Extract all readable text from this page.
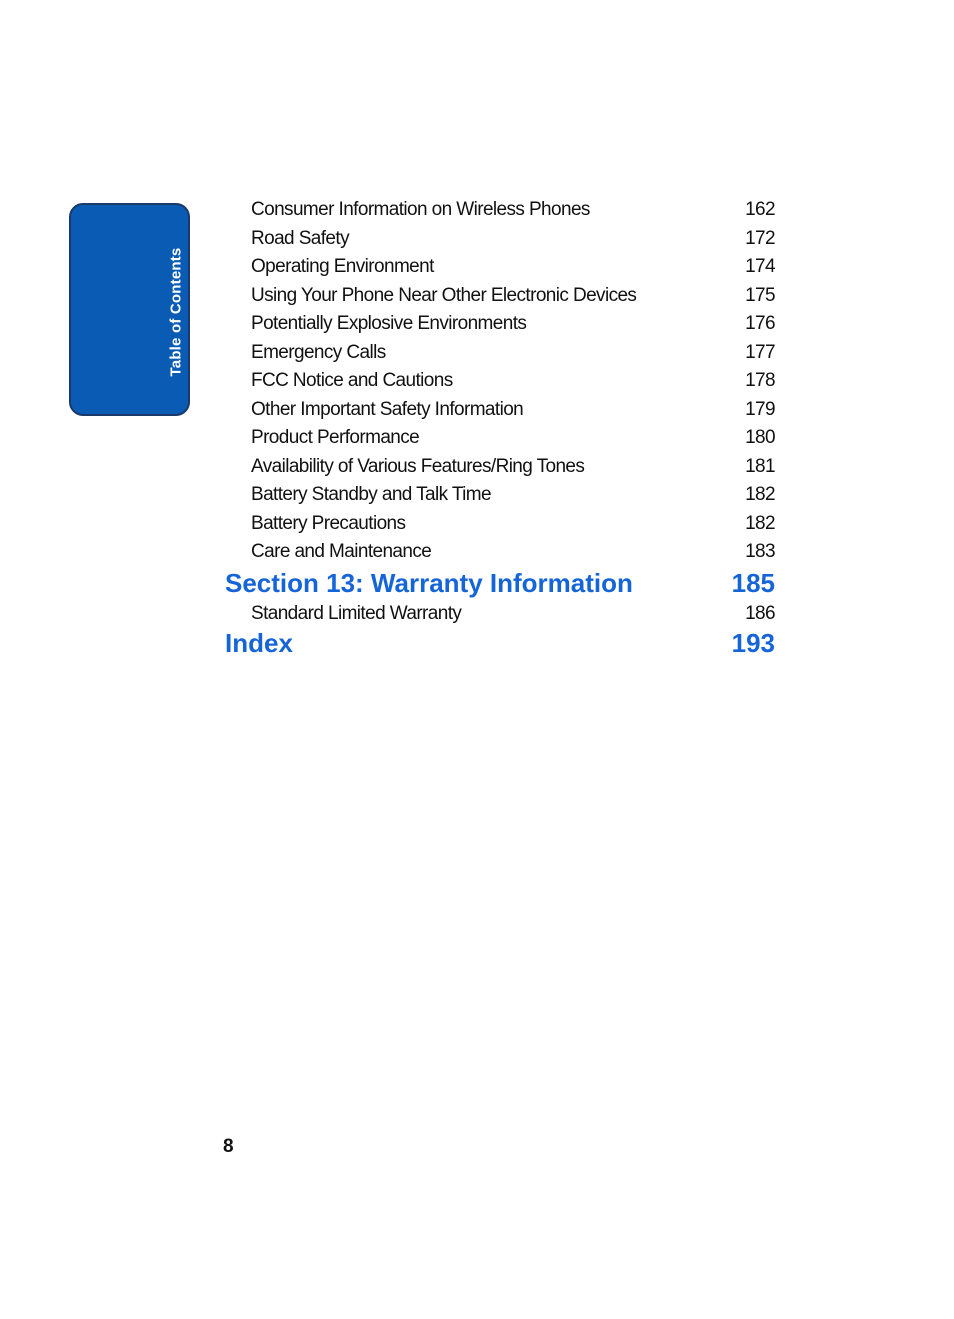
Table of Contents
Consumer Information on Wireless Phones	162
Road Safety	172
Operating Environment	174
Using Your Phone Near Other Electronic Devices	175
Potentially Explosive Environments	176
Emergency Calls	177
FCC Notice and Cautions	178
Other Important Safety Information	179
Product Performance	180
Availability of Various Features/Ring Tones	181
Battery Standby and Talk Time	182
Battery Precautions	182
Care and Maintenance	183
Section 13: Warranty Information	185
Standard Limited Warranty	186
Index	193
8
